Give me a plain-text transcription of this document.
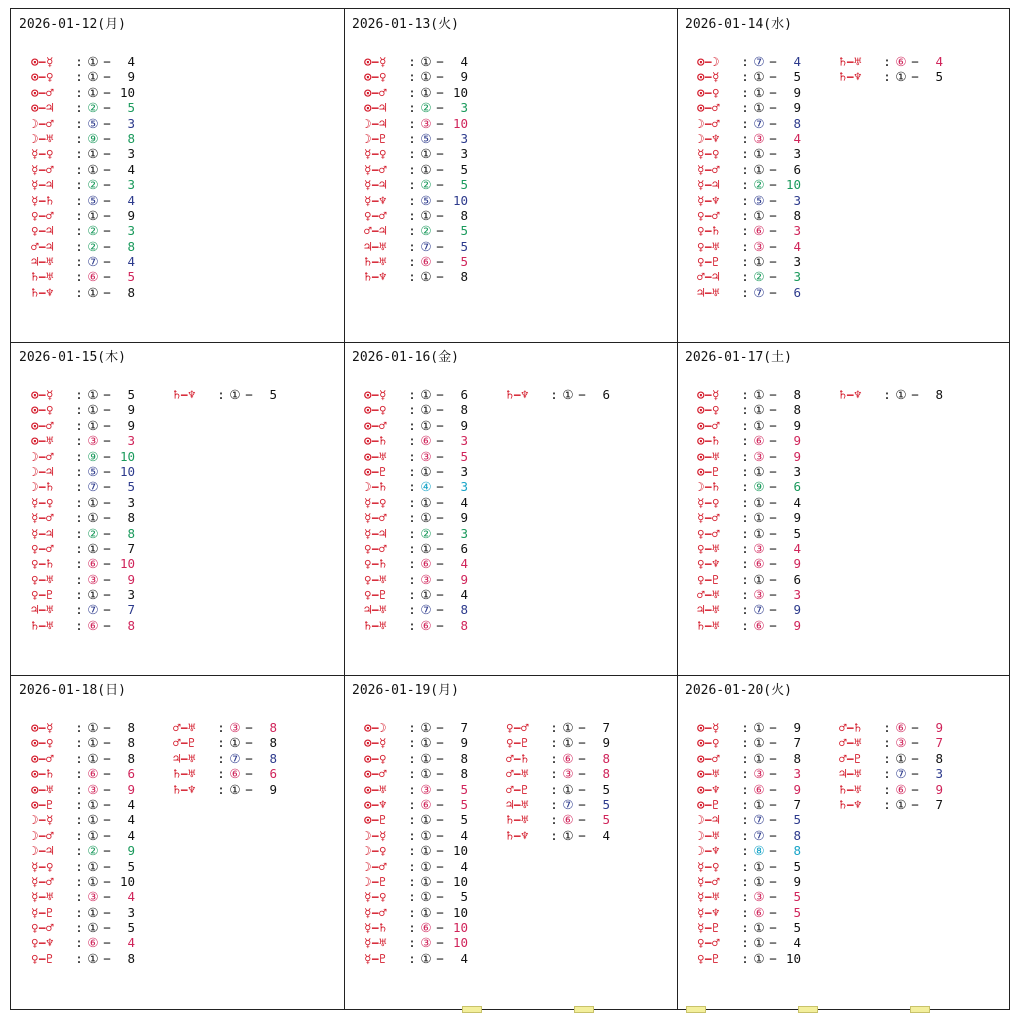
2026-01-12(月)
⊙−☿ : ① − 4
⊙−♀ : ① − 9
⊙−♂ : ① − 10
⊙−♃ : ② − 5
☽−♂ : ⑤ − 3
☽−♅ : ⑨ − 8
☿−♀ : ① − 3
☿−♂ : ① − 4
☿−♃ : ② − 3
☿−♄ : ⑤ − 4
♀−♂ : ① − 9
♀−♃ : ② − 3
♂−♃ : ② − 8
♃−♅ : ⑦ − 4
♄−♅ : ⑥ − 5
♄−♆ : ① − 8
2026-01-13(火)
⊙−☿ : ① − 4
⊙−♀ : ① − 9
⊙−♂ : ① − 10
⊙−♃ : ② − 3
☽−♃ : ③ − 10
☽−♇ : ⑤ − 3
☿−♀ : ① − 3
☿−♂ : ① − 5
☿−♃ : ② − 5
☿−♆ : ⑤ − 10
♀−♂ : ① − 8
♂−♃ : ② − 5
♃−♅ : ⑦ − 5
♄−♅ : ⑥ − 5
♄−♆ : ① − 8
2026-01-14(水)
⊙−☽ : ⑦ − 4
⊙−☿ : ① − 5
⊙−♀ : ① − 9
⊙−♂ : ① − 9
☽−♂ : ⑦ − 8
☽−♆ : ③ − 4
☿−♀ : ① − 3
☿−♂ : ① − 6
☿−♃ : ② − 10
☿−♆ : ⑤ − 3
♀−♂ : ① − 8
♀−♄ : ⑥ − 3
♀−♅ : ③ − 4
♀−♇ : ① − 3
♂−♃ : ② − 3
♃−♅ : ⑦ − 6
♄−♅ : ⑥ − 4
♄−♆ : ① − 5
2026-01-15(木)
⊙−☿ : ① − 5
⊙−♀ : ① − 9
⊙−♂ : ① − 9
⊙−♅ : ③ − 3
☽−♂ : ⑨ − 10
☽−♃ : ⑤ − 10
☽−♄ : ⑦ − 5
☿−♀ : ① − 3
☿−♂ : ① − 8
☿−♃ : ② − 8
♀−♂ : ① − 7
♀−♄ : ⑥ − 10
♀−♅ : ③ − 9
♀−♇ : ① − 3
♃−♅ : ⑦ − 7
♄−♅ : ⑥ − 8
♄−♆ : ① − 5
2026-01-16(金)
⊙−☿ : ① − 6
⊙−♀ : ① − 8
⊙−♂ : ① − 9
⊙−♄ : ⑥ − 3
⊙−♅ : ③ − 5
⊙−♇ : ① − 3
☽−♄ : ④ − 3
☿−♀ : ① − 4
☿−♂ : ① − 9
☿−♃ : ② − 3
♀−♂ : ① − 6
♀−♄ : ⑥ − 4
♀−♅ : ③ − 9
♀−♇ : ① − 4
♃−♅ : ⑦ − 8
♄−♅ : ⑥ − 8
♄−♆ : ① − 6
2026-01-17(土)
⊙−☿ : ① − 8
⊙−♀ : ① − 8
⊙−♂ : ① − 9
⊙−♄ : ⑥ − 9
⊙−♅ : ③ − 9
⊙−♇ : ① − 3
☽−♄ : ⑨ − 6
☿−♀ : ① − 4
☿−♂ : ① − 9
♀−♂ : ① − 5
♀−♅ : ③ − 4
♀−♆ : ⑥ − 9
♀−♇ : ① − 6
♂−♅ : ③ − 3
♃−♅ : ⑦ − 9
♄−♅ : ⑥ − 9
♄−♆ : ① − 8
2026-01-18(日)
⊙−☿ : ① − 8
⊙−♀ : ① − 8
⊙−♂ : ① − 8
⊙−♄ : ⑥ − 6
⊙−♅ : ③ − 9
⊙−♇ : ① − 4
☽−☿ : ① − 4
☽−♂ : ① − 4
☽−♃ : ② − 9
☿−♀ : ① − 5
☿−♂ : ① − 10
☿−♅ : ③ − 4
☿−♇ : ① − 3
♀−♂ : ① − 5
♀−♆ : ⑥ − 4
♀−♇ : ① − 8
♂−♅ : ③ − 8
♂−♇ : ① − 8
♃−♅ : ⑦ − 8
♄−♅ : ⑥ − 6
♄−♆ : ① − 9
2026-01-19(月)
⊙−☽ : ① − 7
⊙−☿ : ① − 9
⊙−♀ : ① − 8
⊙−♂ : ① − 8
⊙−♅ : ③ − 5
⊙−♆ : ⑥ − 5
⊙−♇ : ① − 5
☽−☿ : ① − 4
☽−♀ : ① − 10
☽−♂ : ① − 4
☽−♇ : ① − 10
☿−♀ : ① − 5
☿−♂ : ① − 10
☿−♄ : ⑥ − 10
☿−♅ : ③ − 10
☿−♇ : ① − 4
♀−♂ : ① − 7
♀−♇ : ① − 9
♂−♄ : ⑥ − 8
♂−♅ : ③ − 8
♂−♇ : ① − 5
♃−♅ : ⑦ − 5
♄−♅ : ⑥ − 5
♄−♆ : ① − 4
2026-01-20(火)
⊙−☿ : ① − 9
⊙−♀ : ① − 7
⊙−♂ : ① − 8
⊙−♅ : ③ − 3
⊙−♆ : ⑥ − 9
⊙−♇ : ① − 7
☽−♃ : ⑦ − 5
☽−♅ : ⑦ − 8
☽−♆ : ⑧ − 8
☿−♀ : ① − 5
☿−♂ : ① − 9
☿−♅ : ③ − 5
☿−♆ : ⑥ − 5
☿−♇ : ① − 5
♀−♂ : ① − 4
♀−♇ : ① − 10
♂−♄ : ⑥ − 9
♂−♅ : ③ − 7
♂−♇ : ① − 8
♃−♅ : ⑦ − 3
♄−♅ : ⑥ − 9
♄−♆ : ① − 7
